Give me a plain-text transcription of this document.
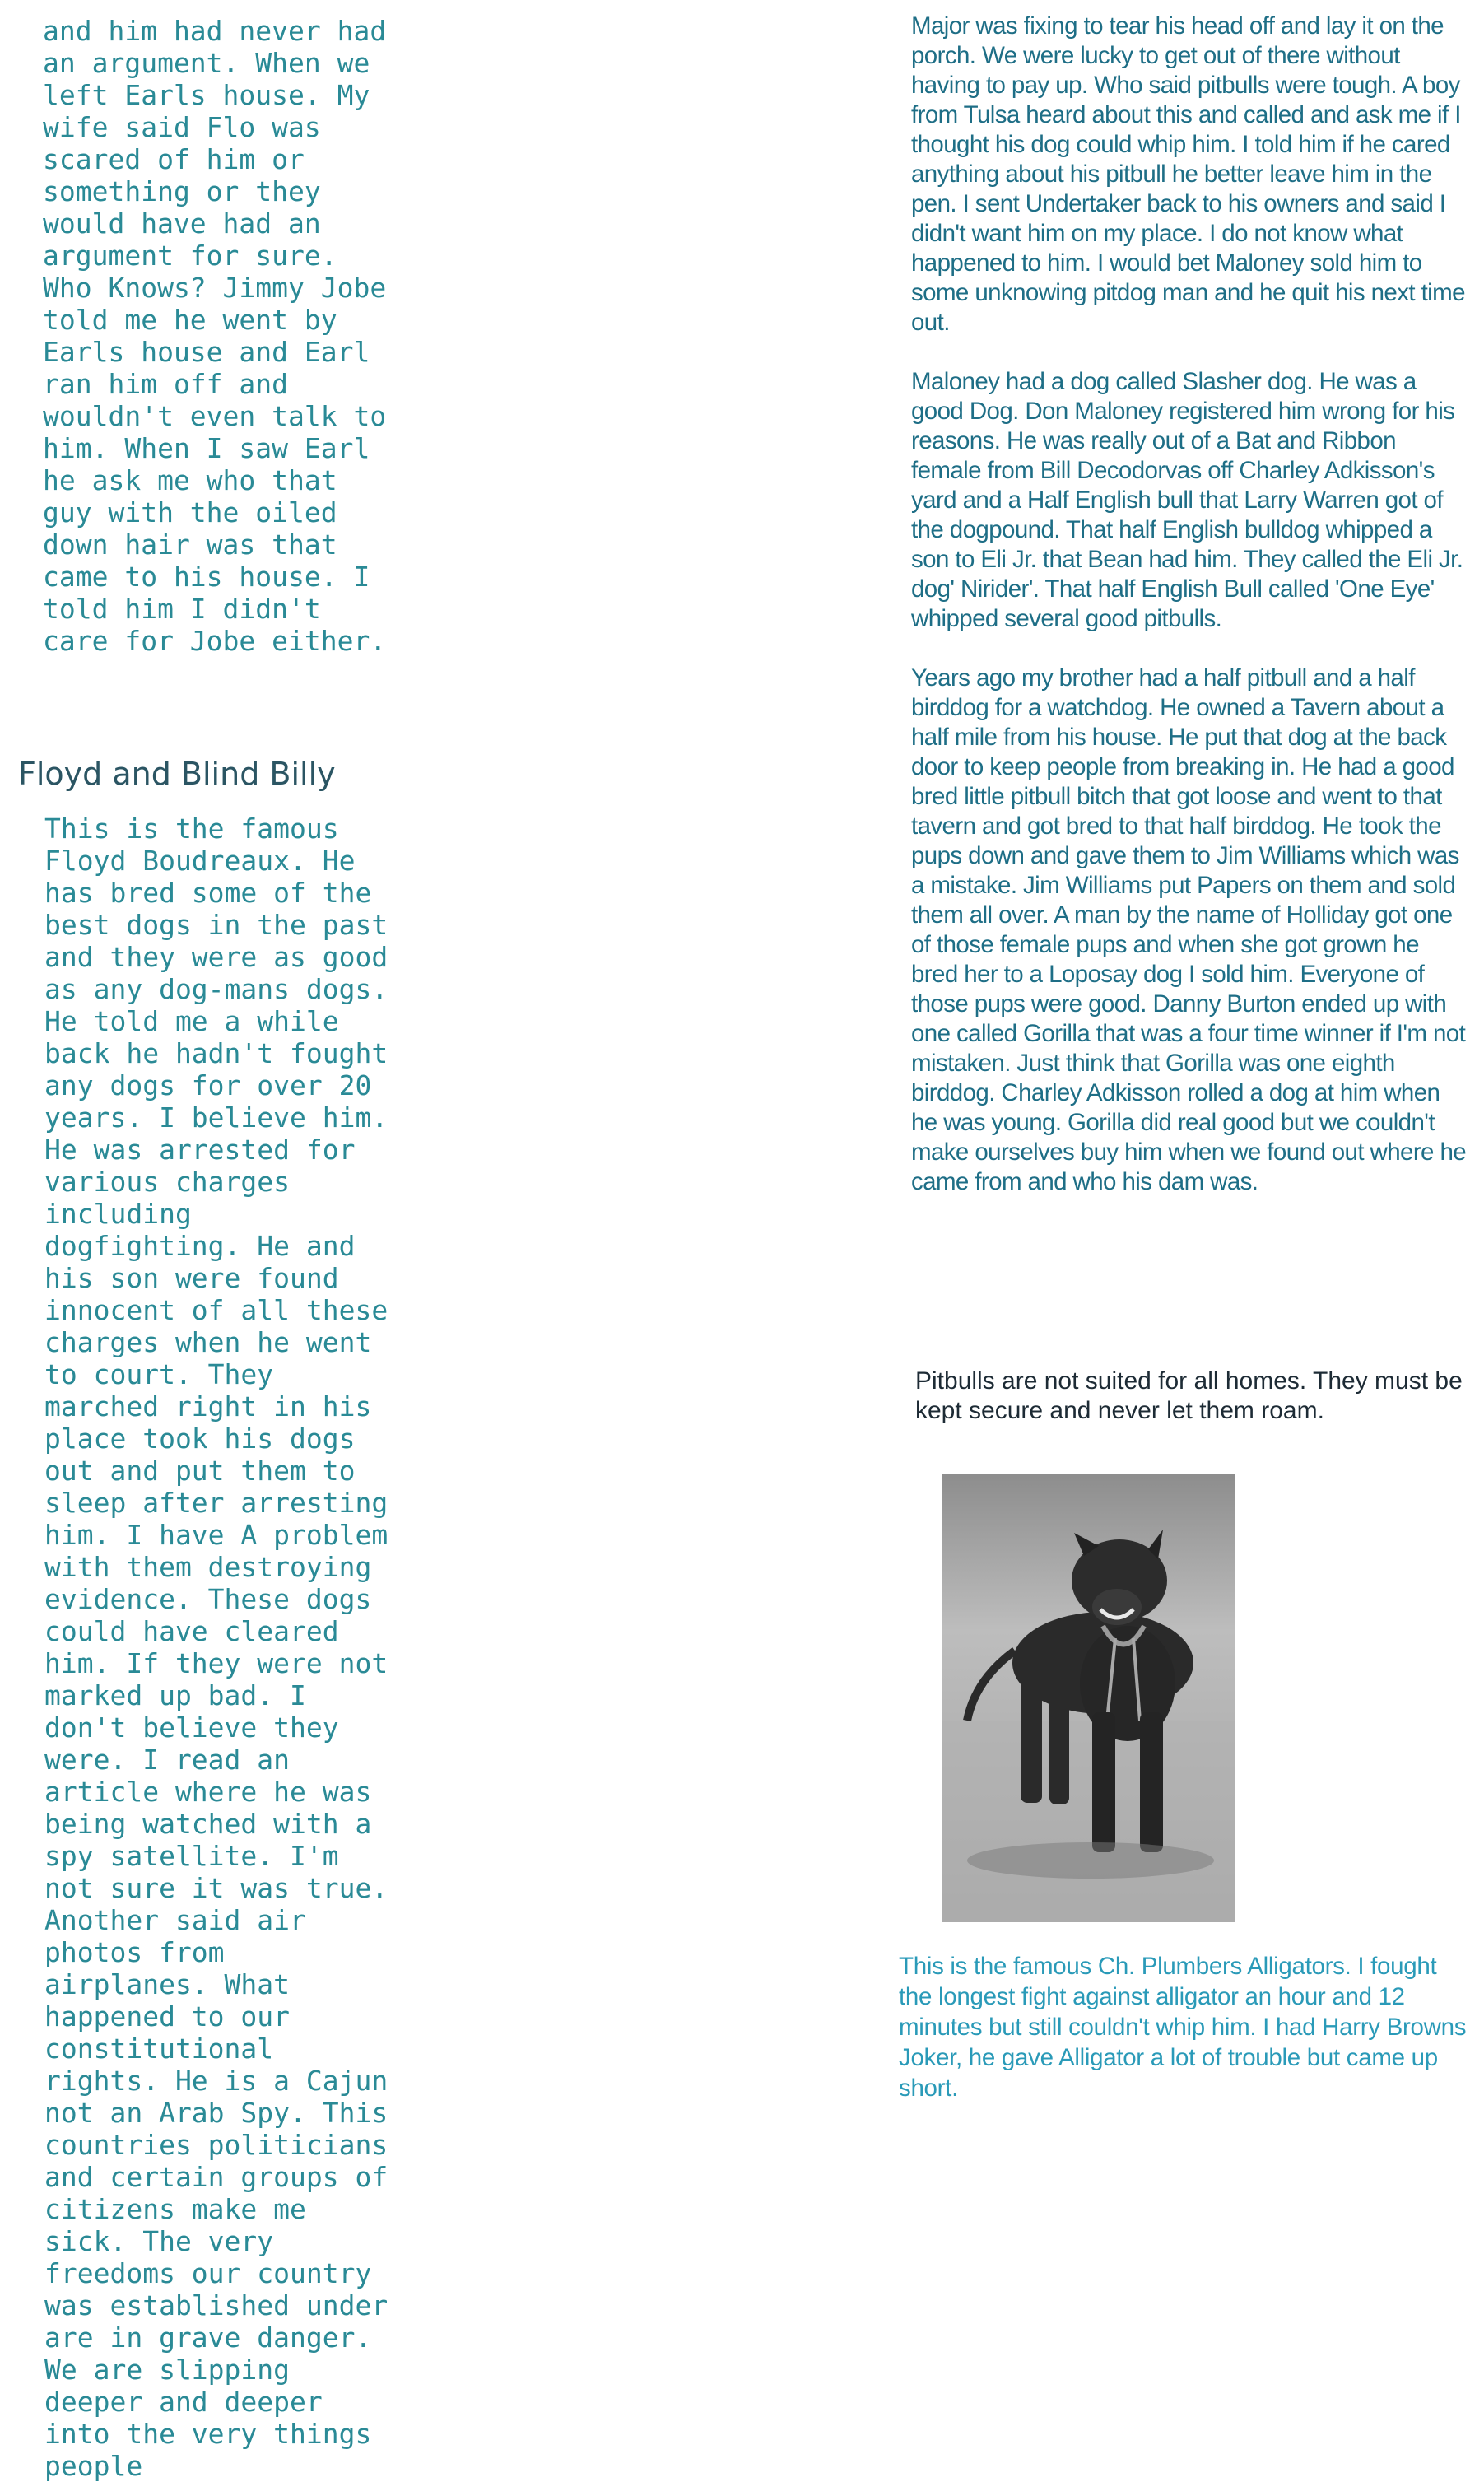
and him had never had an argument. When we left Earls house. My wife said Flo was scared of him or something or they would have had an argument for sure. Who Knows? Jimmy Jobe told me he went by Earls house and Earl ran him off and wouldn't even talk to him. When I saw Earl he ask me who that guy with the oiled down hair was that came to his house. I told him I didn't care for Jobe either.

Floyd and Blind Billy

This is the famous Floyd Boudreaux. He has bred some of the best dogs in the past and they were as good as any dog-mans dogs. He told me a while back he hadn't fought any dogs for over 20 years. I believe him. He was arrested for various charges including dogfighting. He and his son were found innocent of all these charges when he went to court. They marched right in his place took his dogs out and put them to sleep after arresting him. I have A problem with them destroying evidence. These dogs could have cleared him. If they were not marked up bad. I don't believe they were. I read an article where he was being watched with a spy satellite. I'm not sure it was true. Another said air photos from airplanes. What happened to our constitutional rights. He is a Cajun not an Arab Spy. This countries politicians and certain groups of citizens make me sick. The very freedoms our country was established under are in grave danger. We are slipping deeper and deeper into the very things people

Major was fixing to tear his head off and lay it on the porch. We were lucky to get out of there without having to pay up. Who said pitbulls were tough. A boy from Tulsa heard about this and called and ask me if I thought his dog could whip him. I told him if he cared anything about his pitbull he better leave him in the pen. I sent Undertaker back to his owners and said I didn't want him on my place. I do not know what happened to him. I would bet Maloney sold him to some unknowing pitdog man and he quit his next time out.

Maloney had a dog called Slasher dog. He was a good Dog. Don Maloney registered him wrong for his reasons. He was really out of a Bat and Ribbon female from Bill Decodorvas off Charley Adkisson's yard and a Half English bull that Larry Warren got of the dogpound. That half English bulldog whipped a son to Eli Jr. that Bean had him. They called the Eli Jr. dog' Nirider'. That half English Bull called 'One Eye' whipped several good pitbulls.

Years ago my brother had a half pitbull and a half birddog for a watchdog. He owned a Tavern about a half mile from his house. He put that dog at the back door to keep people from breaking in. He had a good bred little pitbull bitch that got loose and went to that tavern and got bred to that half birddog. He took the pups down and gave them to Jim Williams which was a mistake. Jim Williams put Papers on them and sold them all over. A man by the name of Holliday got one of those female pups and when she got grown he bred her to a Loposay dog I sold him. Everyone of those pups were good. Danny Burton ended up with one called Gorilla that was a four time winner if I'm not mistaken. Just think that Gorilla was one eighth birddog. Charley Adkisson rolled a dog at him when he was young. Gorilla did real good but we couldn't make ourselves buy him when we found out where he came from and who his dam was.

Pitbulls are not suited for all homes. They must be kept secure and never let them roam.

This is the famous Ch. Plumbers Alligators. I fought the longest fight against alligator an hour and 12 minutes but still couldn't whip him. I had Harry Browns Joker, he gave Alligator a lot of trouble but came up short.
